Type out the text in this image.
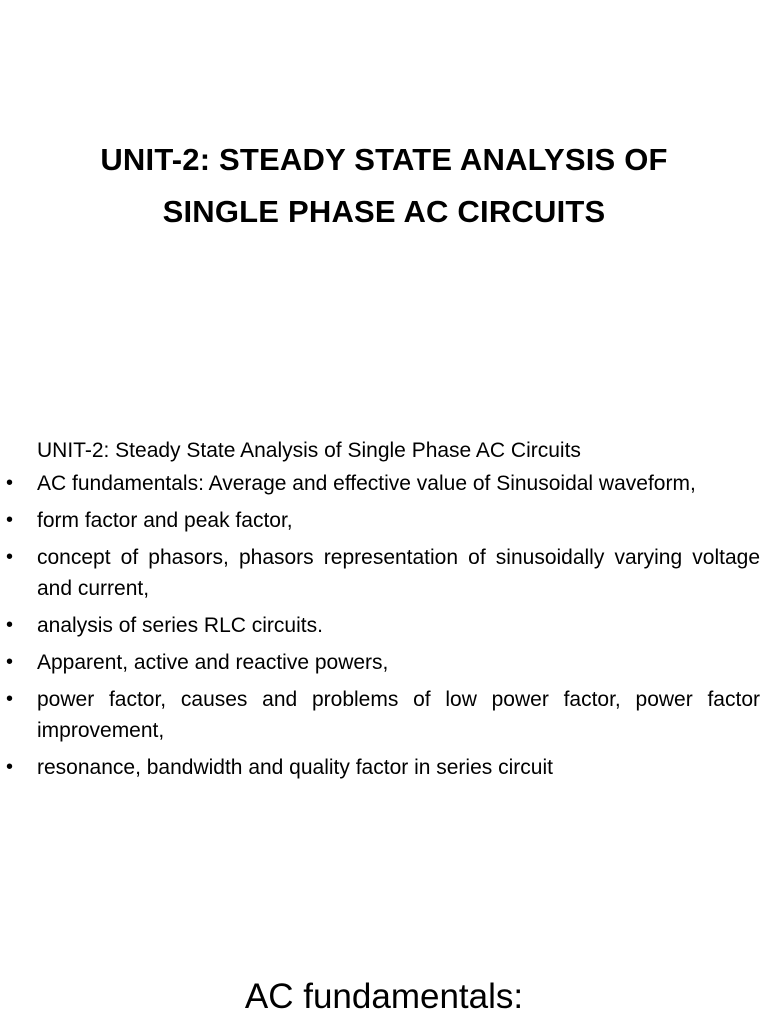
UNIT-2: STEADY STATE ANALYSIS OF
SINGLE PHASE AC CIRCUITS

UNIT-2: Steady State Analysis of Single Phase AC Circuits

• AC fundamentals: Average and effective value of Sinusoidal waveform,
• form factor and peak factor,
• concept of phasors, phasors representation of sinusoidally varying voltage and current,
• analysis of series RLC circuits.
• Apparent, active and reactive powers,
• power factor, causes and problems of low power factor, power factor improvement,
• resonance, bandwidth and quality factor in series circuit
AC fundamentals:
